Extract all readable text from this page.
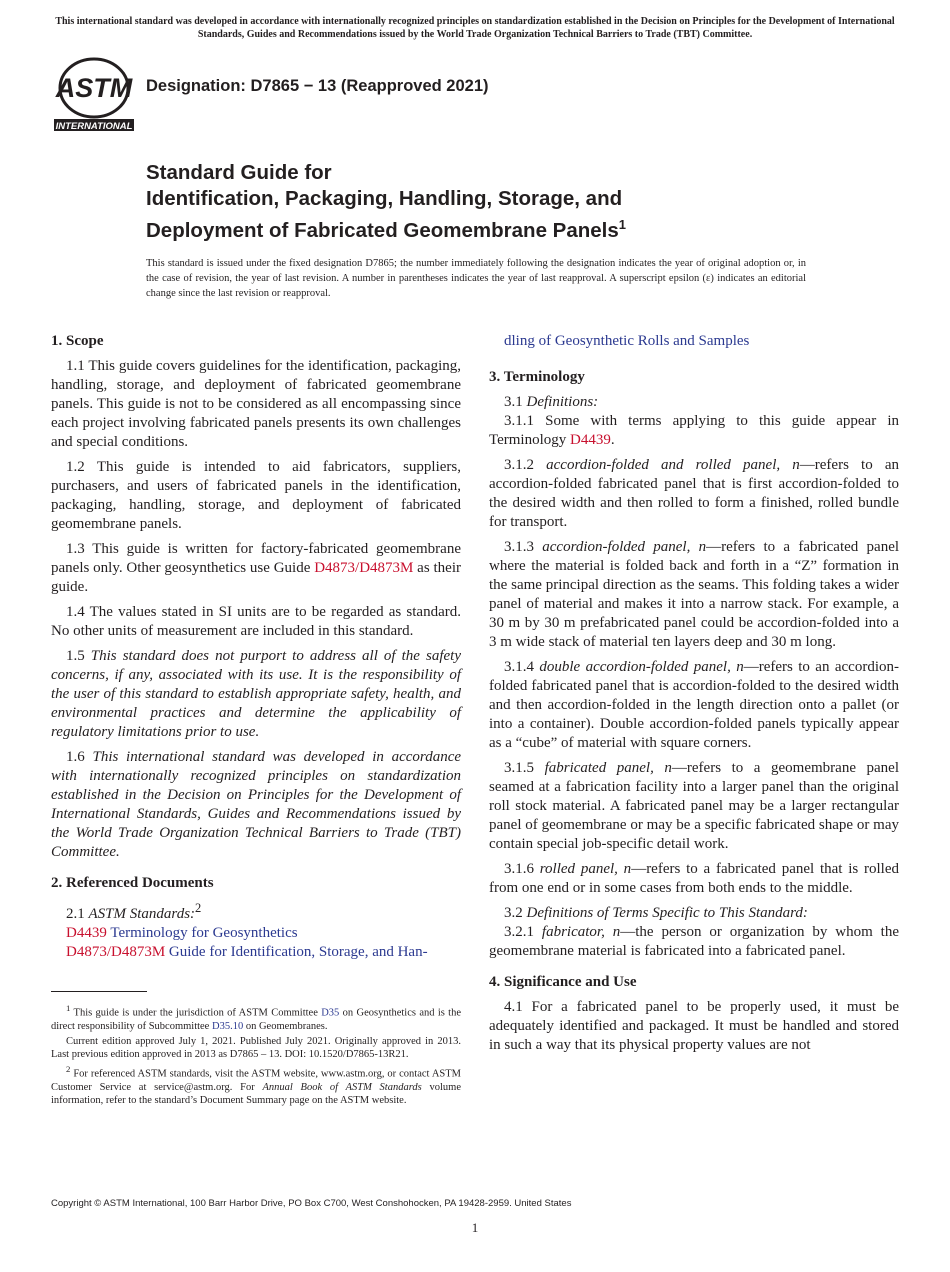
This international standard was developed in accordance with internationally recognized principles on standardization established in the Decision on Principles for the Development of International Standards, Guides and Recommendations issued by the World Trade Organization Technical Barriers to Trade (TBT) Committee.
ASTM
INTERNATIONAL
Designation: D7865 − 13 (Reapproved 2021)
Standard Guide for
Identification, Packaging, Handling, Storage, and
Deployment of Fabricated Geomembrane Panels$^1$
This standard is issued under the fixed designation D7865; the number immediately following the designation indicates the year of original adoption or, in the case of revision, the year of last revision. A number in parentheses indicates the year of last reapproval. A superscript epsilon (ε) indicates an editorial change since the last revision or reapproval.
1. Scope

1.1 This guide covers guidelines for the identification, packaging, handling, storage, and deployment of fabricated geomembrane panels. This guide is not to be considered as all encompassing since each project involving fabricated panels presents its own challenges and special conditions.

1.2 This guide is intended to aid fabricators, suppliers, purchasers, and users of fabricated panels in the identification, packaging, handling, storage, and deployment of fabricated geomembrane panels.

1.3 This guide is written for factory-fabricated geomembrane panels only. Other geosynthetics use Guide D4873/D4873M as their guide.

1.4 The values stated in SI units are to be regarded as standard. No other units of measurement are included in this standard.

1.5 This standard does not purport to address all of the safety concerns, if any, associated with its use. It is the responsibility of the user of this standard to establish appropriate safety, health, and environmental practices and determine the applicability of regulatory limitations prior to use.

1.6 This international standard was developed in accordance with internationally recognized principles on standardization established in the Decision on Principles for the Development of International Standards, Guides and Recommendations issued by the World Trade Organization Technical Barriers to Trade (TBT) Committee.

2. Referenced Documents

2.1 ASTM Standards:$^2$

D4439 Terminology for Geosynthetics

D4873/D4873M Guide for Identification, Storage, and Han-

dling of Geosynthetic Rolls and Samples

3. Terminology

3.1 Definitions:

3.1.1 Some with terms applying to this guide appear in Terminology D4439.

3.1.2 accordion-folded and rolled panel, n—refers to an accordion-folded fabricated panel that is first accordion-folded to the desired width and then rolled to form a finished, rolled bundle for transport.

3.1.3 accordion-folded panel, n—refers to a fabricated panel where the material is folded back and forth in a “Z” formation in the same principal direction as the seams. This folding takes a wider panel of material and makes it into a narrow stack. For example, a 30 m by 30 m prefabricated panel could be accordion-folded into a 3 m wide stack of material ten layers deep and 30 m long.

3.1.4 double accordion-folded panel, n—refers to an accordion-folded fabricated panel that is accordion-folded to the desired width and then accordion-folded in the length direction onto a pallet (or into a container). Double accordion-folded panels typically appear as a “cube” of material with square corners.

3.1.5 fabricated panel, n—refers to a geomembrane panel seamed at a fabrication facility into a larger panel than the original roll stock material. A fabricated panel may be a larger rectangular panel of geomembrane or may be a specific fabricated shape or may contain special job-specific detail work.

3.1.6 rolled panel, n—refers to a fabricated panel that is rolled from one end or in some cases from both ends to the middle.

3.2 Definitions of Terms Specific to This Standard:

3.2.1 fabricator, n—the person or organization by whom the geomembrane material is fabricated into a fabricated panel.

4. Significance and Use

4.1 For a fabricated panel to be properly used, it must be adequately identified and packaged. It must be handled and stored in such a way that its physical property values are not

$^1$ This guide is under the jurisdiction of ASTM Committee D35 on Geosynthetics and is the direct responsibility of Subcommittee D35.10 on Geomembranes.

Current edition approved July 1, 2021. Published July 2021. Originally approved in 2013. Last previous edition approved in 2013 as D7865 – 13. DOI: 10.1520/D7865-13R21.

$^2$ For referenced ASTM standards, visit the ASTM website, www.astm.org, or contact ASTM Customer Service at service@astm.org. For Annual Book of ASTM Standards volume information, refer to the standard’s Document Summary page on the ASTM website.

Copyright © ASTM International, 100 Barr Harbor Drive, PO Box C700, West Conshohocken, PA 19428-2959. United States
1
